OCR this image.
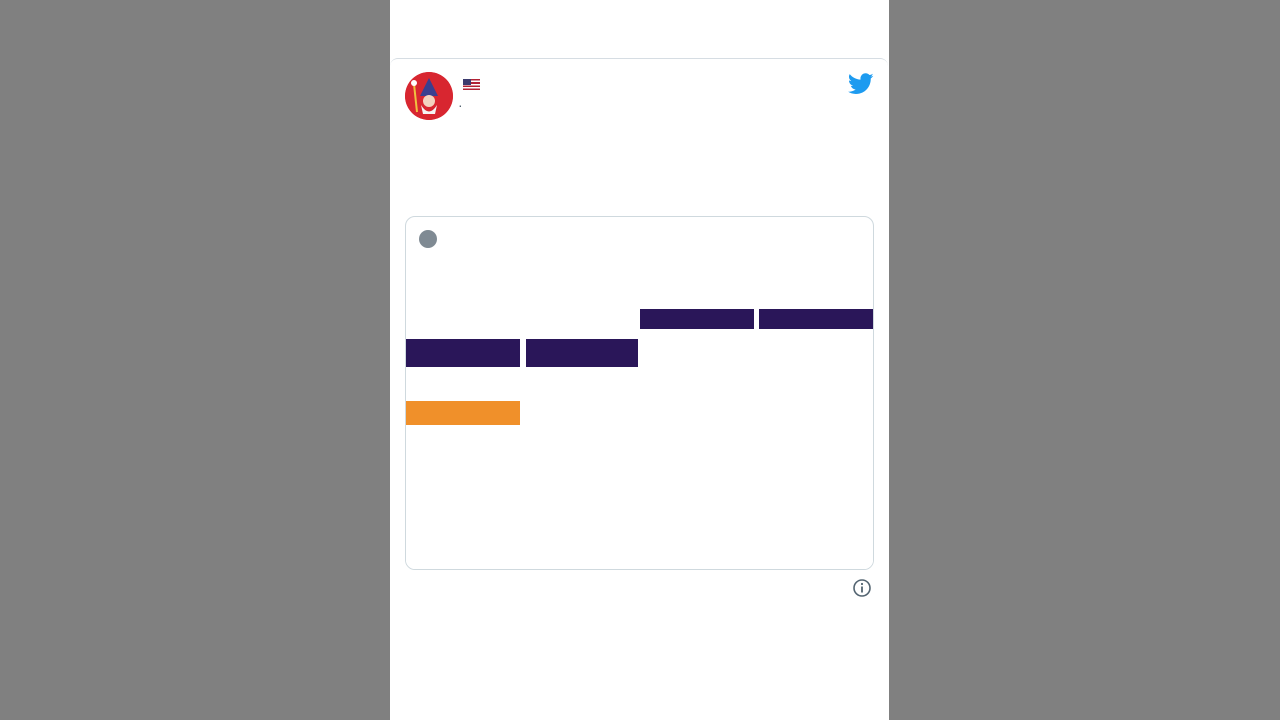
·
